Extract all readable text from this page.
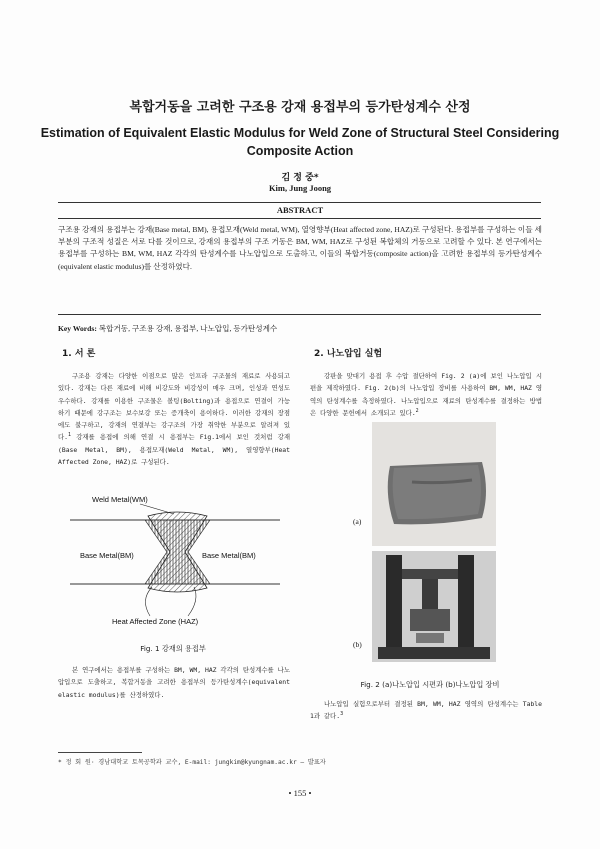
복합거동을 고려한 구조용 강재 용접부의 등가탄성계수 산정
Estimation of Equivalent Elastic Modulus for Weld Zone of Structural Steel Considering Composite Action
김 정 중*
Kim, Jung Joong
ABSTRACT
구조용 강재의 용접부는 강재(Base metal, BM), 용접모재(Weld metal, WM), 열영향부(Heat affected zone, HAZ)로 구성된다. 용접부를 구성하는 이들 세 부분의 구조적 성질은 서로 다를 것이므로, 강재의 용접부의 구조 거동은 BM, WM, HAZ로 구성된 복합체의 거동으로 고려할 수 있다. 본 연구에서는 용접부를 구성하는 BM, WM, HAZ 각각의 탄성계수를 나노압입으로 도출하고, 이들의 복합거동(composite action)을 고려한 용접부의 등가탄성계수(equivalent elastic modulus)를 산정하였다.
Key Words: 복합거동, 구조용 강재, 용접부, 나노압입, 등가탄성계수
1. 서 론
구조용 강재는 다양한 이점으로 많은 인프라 구조물의 재료로 사용되고 있다. 강재는 다른 재료에 비해 비강도와 비강성이 매우 크며, 인성과 연성도 우수하다. 강재를 이용한 구조물은 볼팅(Bolting)과 용접으로 연결이 가능하기 때문에 강구조는 보수보강 또는 증개축이 용이하다. 이러한 강재의 장점에도 불구하고, 강재의 연결부는 강구조의 가장 취약한 부분으로 알려져 있다.$^1$ 강재를 용접에 의해 연결 시 용접부는 Fig.1에서 보인 것처럼 강재(Base Metal, BM), 용접모재(Weld Metal, WM), 열영향부(Heat Affected Zone, HAZ)로 구성된다.
Weld Metal(WM)
Base Metal(BM)	Base Metal(BM)
Heat Affected Zone (HAZ)
Fig. 1 강재의 용접부
본 연구에서는 용접부를 구성하는 BM, WM, HAZ 각각의 탄성계수를 나노압입으로 도출하고, 복합거동을 고려한 용접부의 등가탄성계수(equivalent elastic modulus)를 산정하였다.
2. 나노압입 실험
강판을 맞대기 용접 후 수압 절단하여 Fig. 2 (a)에 보인 나노압입 시편을 제작하였다. Fig. 2(b)의 나노압입 장비를 사용하여 BM, WM, HAZ 영역의 탄성계수를 측정하였다. 나노압입으로 재료의 탄성계수를 결정하는 방법은 다양한 문헌에서 소개되고 있다.$^2$
(a)
(b)
Fig. 2 (a)나노압입 시편과 (b)나노압입 장비
나노압입 실험으로부터 결정된 BM, WM, HAZ 영역의 탄성계수는 Table 1과 같다.$^3$
* 정 회 원· 경남대학교 토목공학과 교수, E-mail: jungkim@kyungnam.ac.kr – 발표자
• 155 •
